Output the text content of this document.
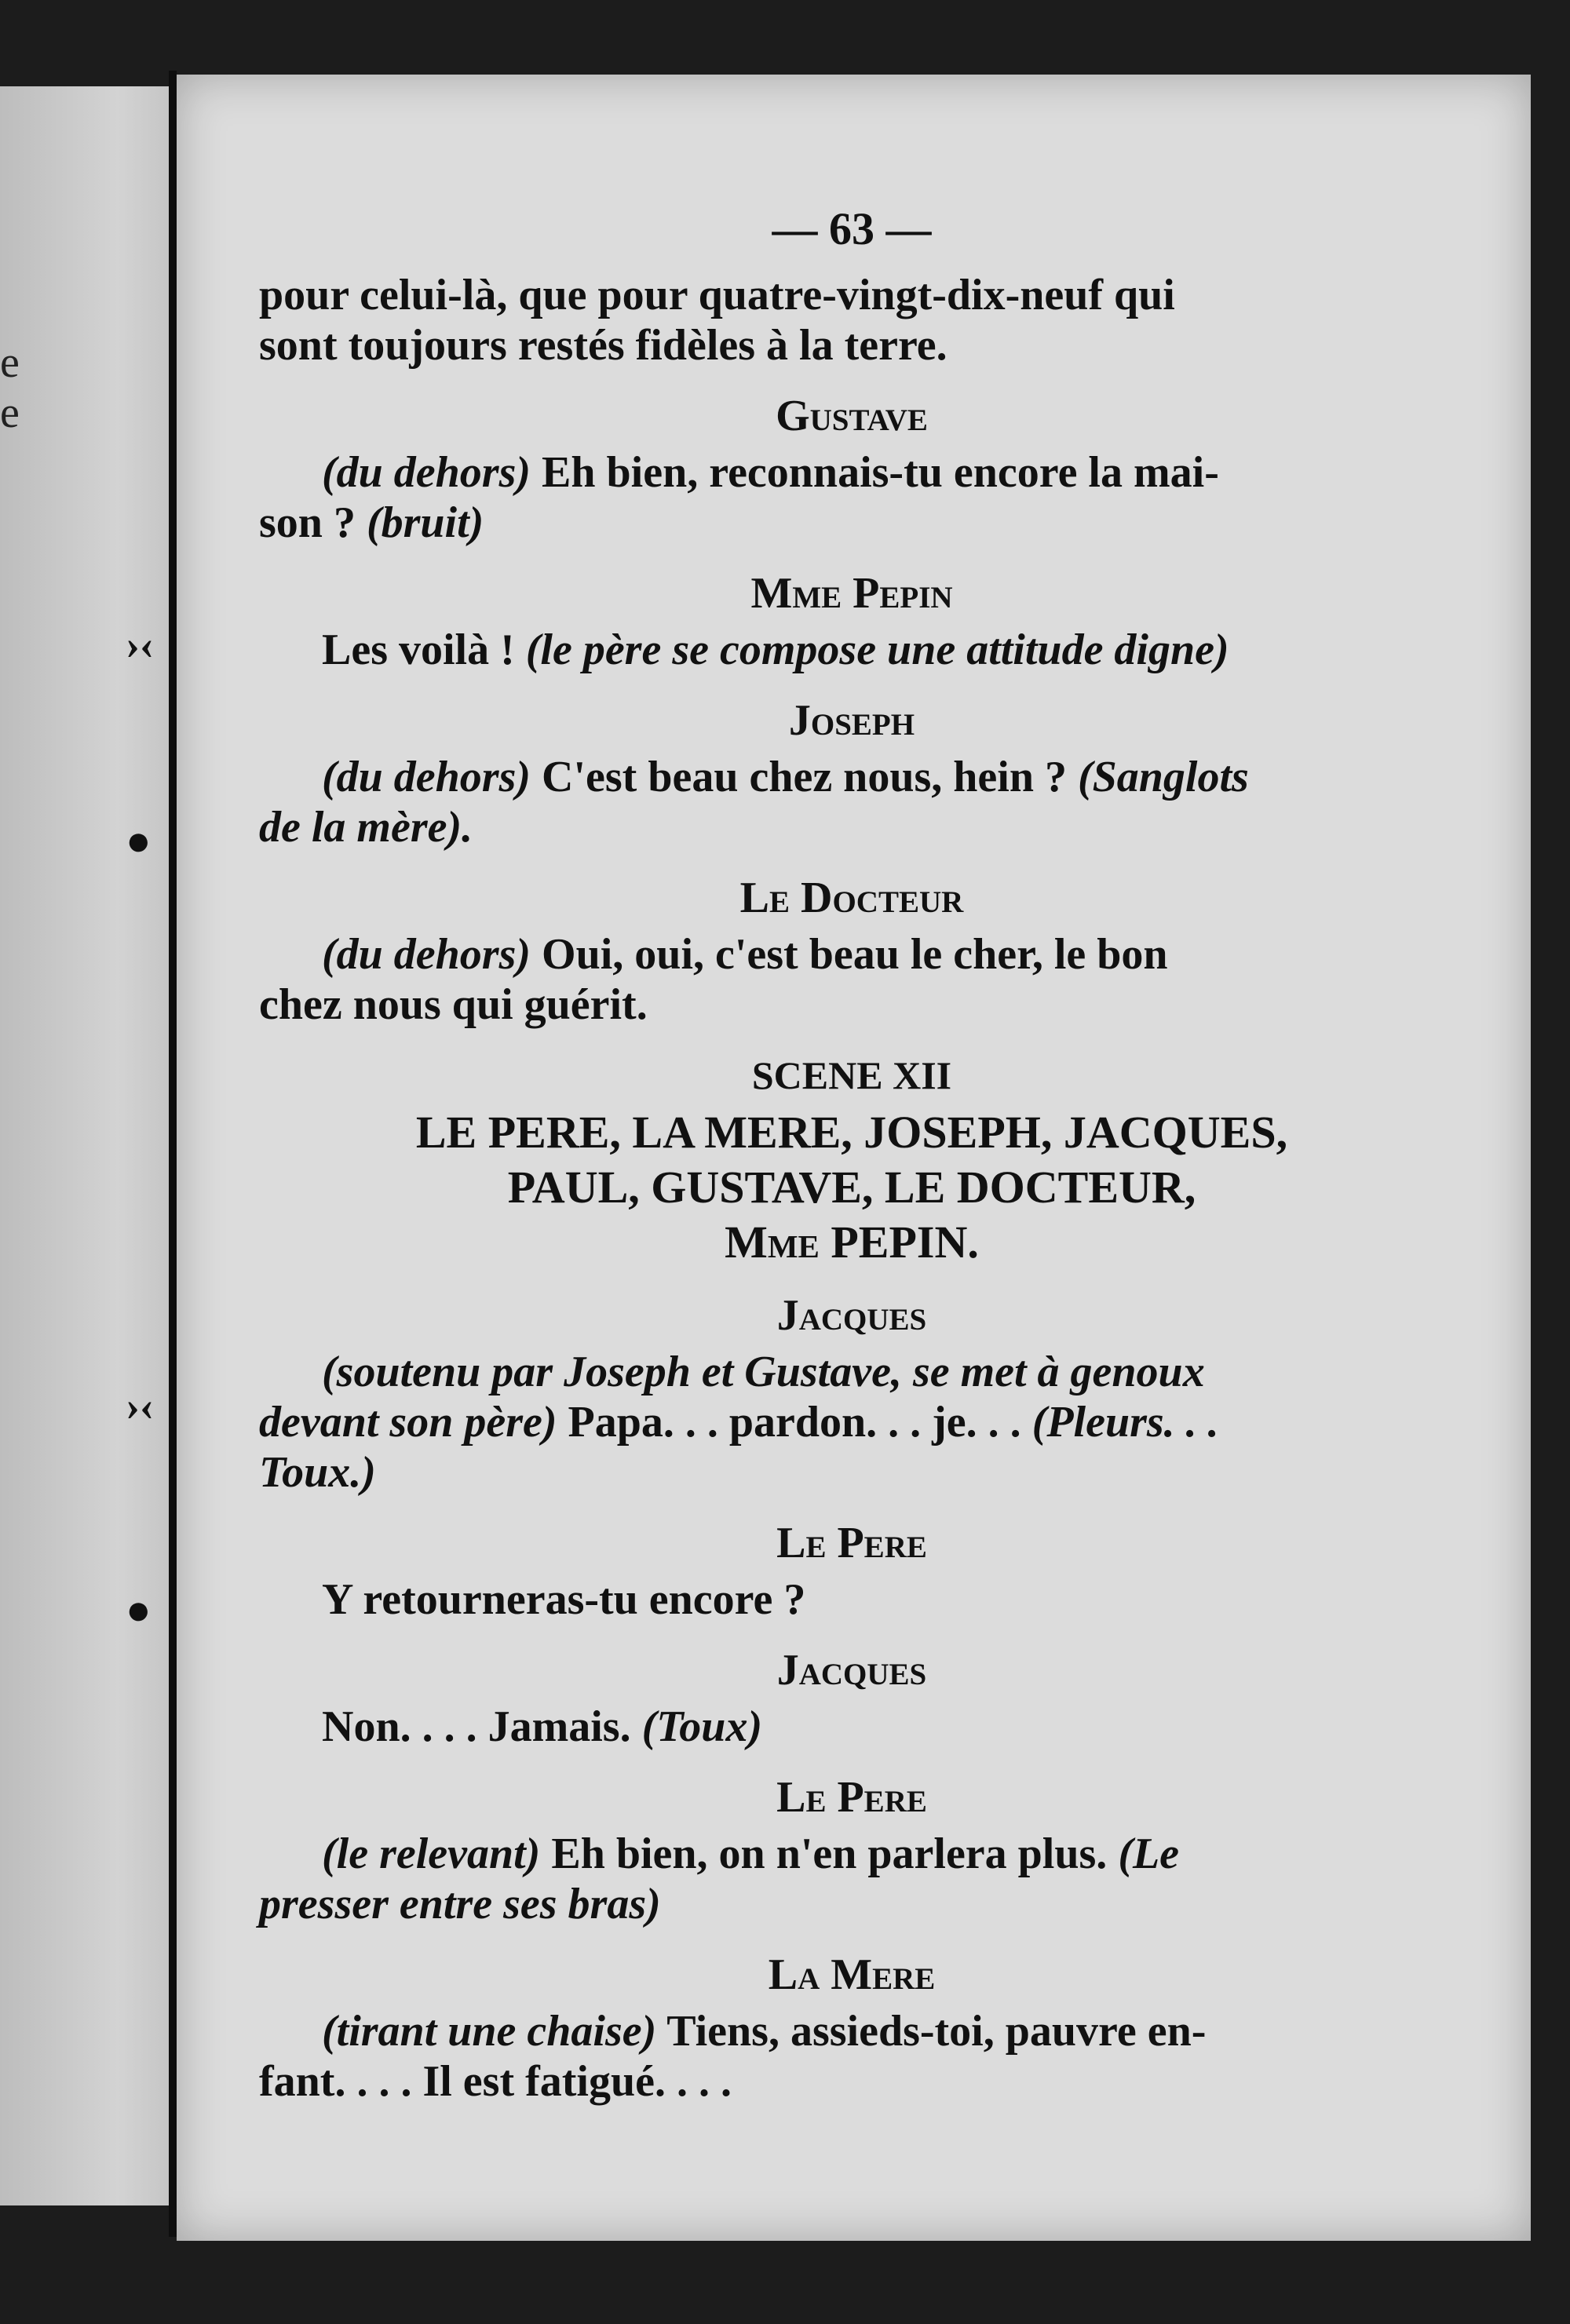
e
e
›‹
●
›‹
●
— 63 —

pour celui-là, que pour quatre-vingt-dix-neuf qui
sont toujours restés fidèles à la terre.

Gustave

(du dehors) Eh bien, reconnais-tu encore la mai-
son ? (bruit)

Mme Pepin

Les voilà ! (le père se compose une attitude digne)

Joseph

(du dehors) C'est beau chez nous, hein ? (Sanglots
de la mère).

Le Docteur

(du dehors) Oui, oui, c'est beau le cher, le bon
chez nous qui guérit.

SCENE XII

LE PERE, LA MERE, JOSEPH, JACQUES,

PAUL, GUSTAVE, LE DOCTEUR,

Mme PEPIN.

Jacques

(soutenu par Joseph et Gustave, se met à genoux
devant son père) Papa. . . pardon. . . je. . . (Pleurs. . .
Toux.)

Le Pere

Y retourneras-tu encore ?

Jacques

Non. . . . Jamais. (Toux)

Le Pere

(le relevant) Eh bien, on n'en parlera plus. (Le
presser entre ses bras)

La Mere

(tirant une chaise) Tiens, assieds-toi, pauvre en-
fant. . . . Il est fatigué. . . .
